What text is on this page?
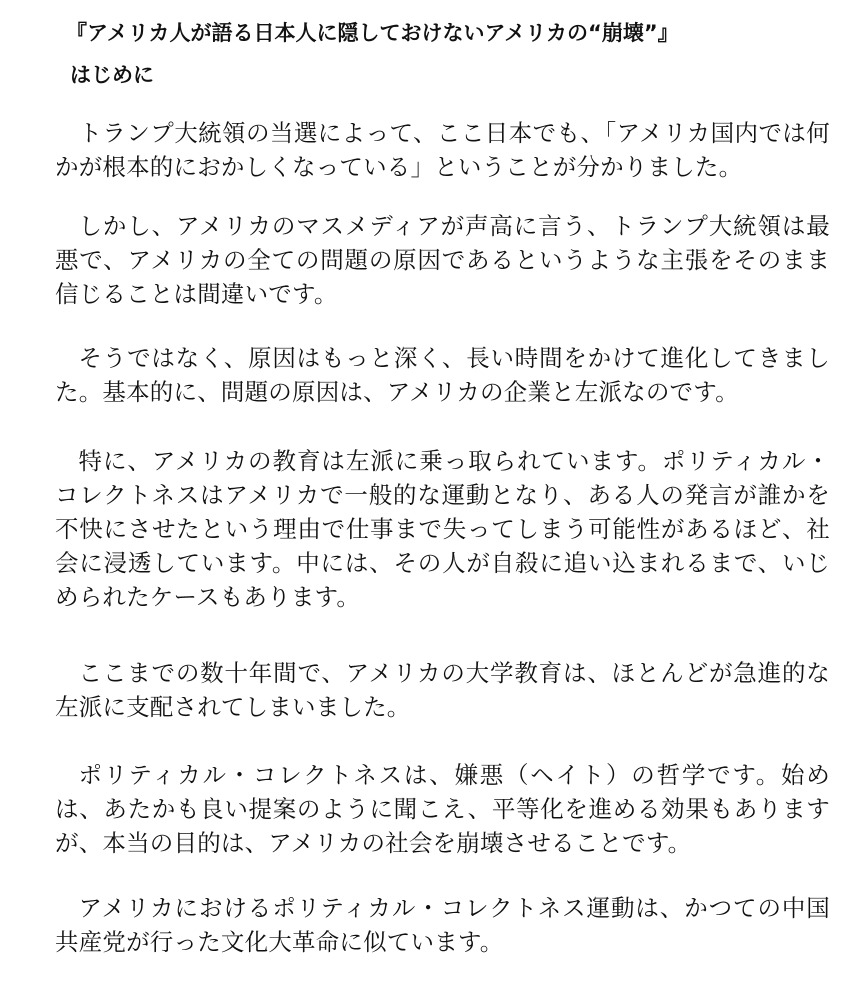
『アメリカ人が語る日本人に隠しておけないアメリカの“崩壊”』
はじめに

トランプ大統領の当選によって、ここ日本でも、「アメリカ国内では何かが根本的におかしくなっている」ということが分かりました。

しかし、アメリカのマスメディアが声高に言う、トランプ大統領は最悪で、アメリカの全ての問題の原因であるというような主張をそのまま信じることは間違いです。

そうではなく、原因はもっと深く、長い時間をかけて進化してきました。基本的に、問題の原因は、アメリカの企業と左派なのです。

特に、アメリカの教育は左派に乗っ取られています。ポリティカル・コレクトネスはアメリカで一般的な運動となり、ある人の発言が誰かを不快にさせたという理由で仕事まで失ってしまう可能性があるほど、社会に浸透しています。中には、その人が自殺に追い込まれるまで、いじめられたケースもあります。

ここまでの数十年間で、アメリカの大学教育は、ほとんどが急進的な左派に支配されてしまいました。

ポリティカル・コレクトネスは、嫌悪（ヘイト）の哲学です。始めは、あたかも良い提案のように聞こえ、平等化を進める効果もありますが、本当の目的は、アメリカの社会を崩壊させることです。

アメリカにおけるポリティカル・コレクトネス運動は、かつての中国共産党が行った文化大革命に似ています。
